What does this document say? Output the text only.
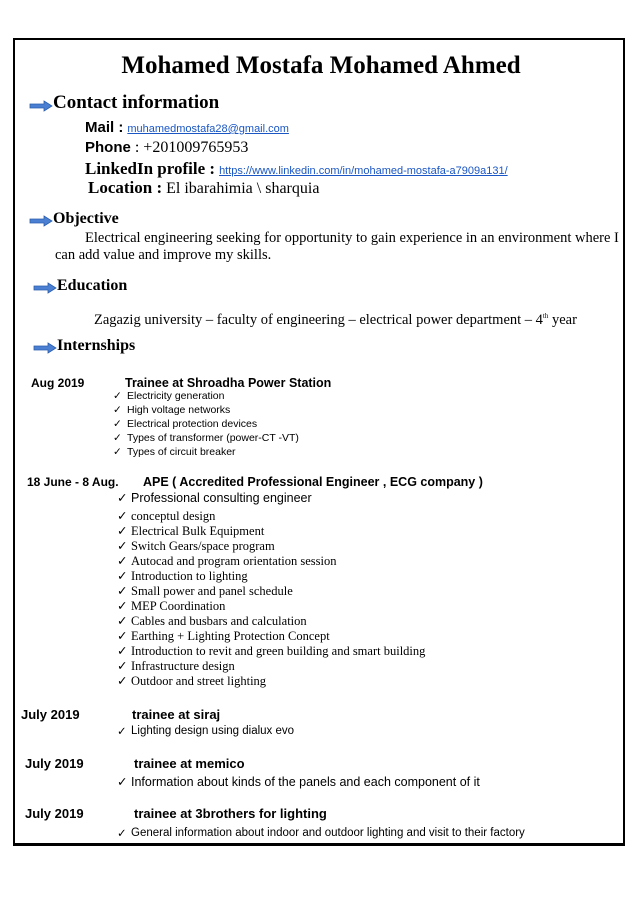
Mohamed Mostafa Mohamed Ahmed
Contact information
Mail : muhamedmostafa28@gmail.com
Phone : +201009765953
LinkedIn profile : https://www.linkedin.com/in/mohamed-mostafa-a7909a131/
Location : El ibarahimia \ sharquia
Objective
Electrical engineering seeking for opportunity to gain experience in an environment where I can add value and improve my skills.
Education
Zagazig university – faculty of engineering – electrical power department – 4th year
Internships
Aug 2019	Trainee at Shroadha Power Station
✓ Electricity generation
✓ High voltage networks
✓ Electrical protection devices
✓ Types of transformer (power-CT -VT)
✓ Types of circuit breaker
18 June - 8 Aug. APE ( Accredited Professional Engineer , ECG company )
✓ Professional consulting engineer
✓ conceptul design
✓ Electrical Bulk Equipment
✓ Switch Gears/space program
✓ Autocad and program orientation session
✓ Introduction to lighting
✓ Small power and panel schedule
✓ MEP Coordination
✓ Cables and busbars and calculation
✓ Earthing + Lighting Protection Concept
✓ Introduction to revit and green building and smart building
✓ Infrastructure design
✓ Outdoor and street lighting
July 2019	trainee at siraj
✓ Lighting design using dialux evo
July 2019	trainee at memico
✓ Information about kinds of the panels and each component of it
July 2019	trainee at 3brothers for lighting
✓ General information about indoor and outdoor lighting and visit to their factory
